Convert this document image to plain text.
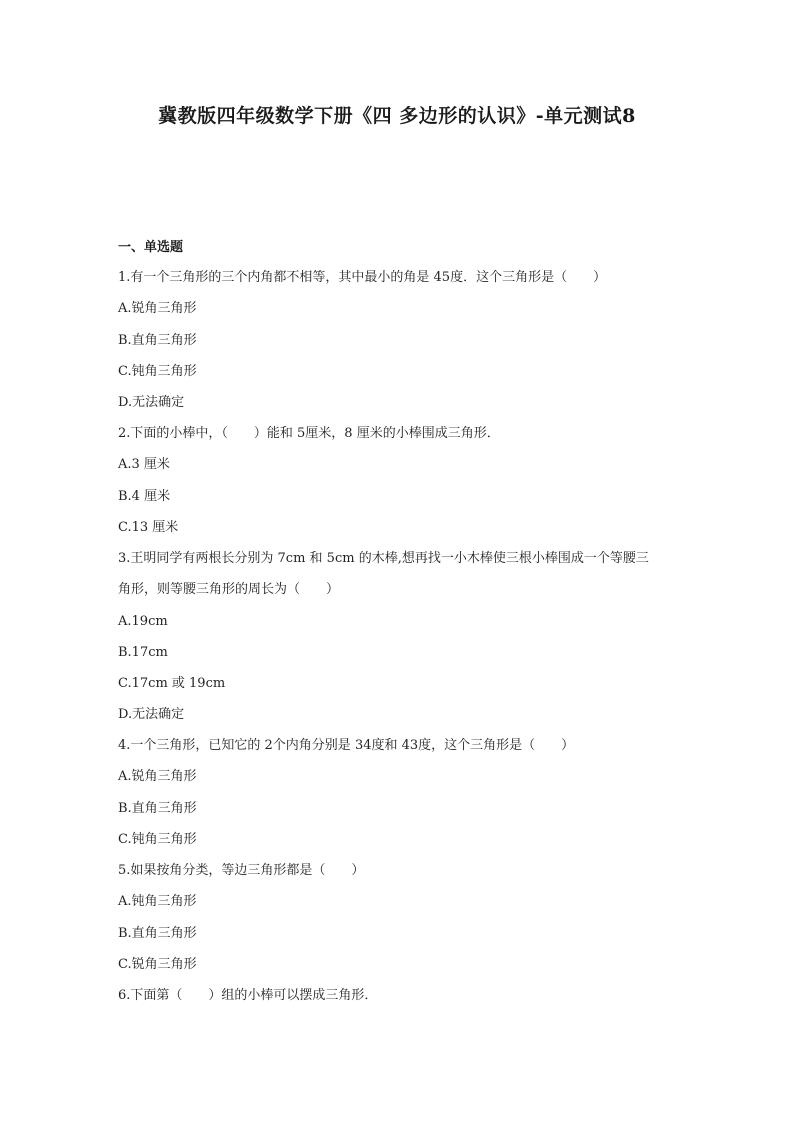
冀教版四年级数学下册《四 多边形的认识》-单元测试8
一、单选题
1.有一个三角形的三个内角都不相等，其中最小的角是 45度．这个三角形是（　　）
A.锐角三角形
B.直角三角形
C.钝角三角形
D.无法确定
2.下面的小棒中，（　　）能和 5厘米，8 厘米的小棒围成三角形．
A.3 厘米
B.4 厘米
C.13 厘米
3.王明同学有两根长分别为 7cm 和 5cm 的木棒,想再找一小木棒使三根小棒围成一个等腰三
角形，则等腰三角形的周长为（　　）
A.19cm
B.17cm
C.17cm 或 19cm
D.无法确定
4.一个三角形，已知它的 2个内角分别是 34度和 43度，这个三角形是（　　）
A.锐角三角形
B.直角三角形
C.钝角三角形
5.如果按角分类，等边三角形都是（　　）
A.钝角三角形
B.直角三角形
C.锐角三角形
6.下面第（　　）组的小棒可以摆成三角形．
